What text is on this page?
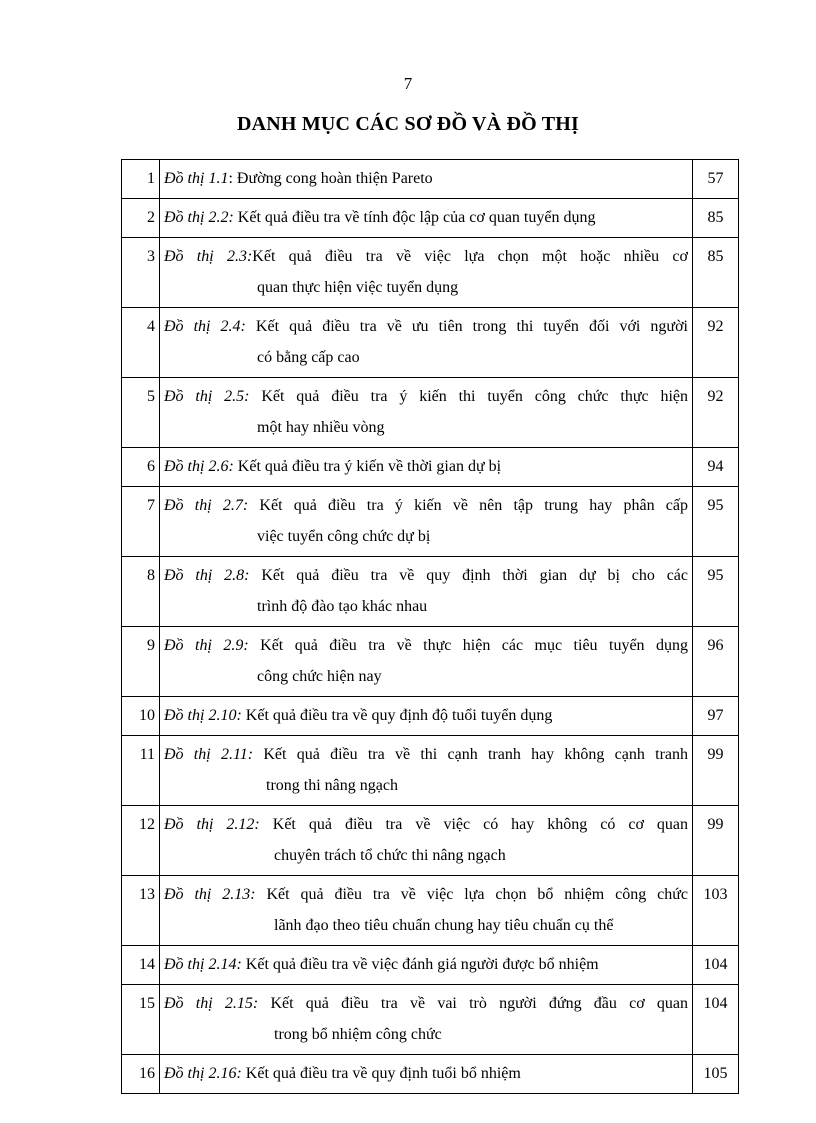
7
DANH MỤC CÁC SƠ ĐỒ VÀ ĐỒ THỊ
1	Đồ thị 1.1: Đường cong hoàn thiện Pareto	57
2	Đồ thị 2.2: Kết quả điều tra về tính độc lập của cơ quan tuyển dụng	85
3	Đồ thị 2.3:Kết quả điều tra về việc lựa chọn một hoặc nhiều cơ
quan thực hiện việc tuyển dụng	85
4	Đồ thị 2.4: Kết quả điều tra về ưu tiên trong thi tuyển đối với người
có bằng cấp cao	92
5	Đồ thị 2.5: Kết quả điều tra ý kiến thi tuyển công chức thực hiện
một hay nhiều vòng	92
6	Đồ thị 2.6: Kết quả điều tra ý kiến về thời gian dự bị	94
7	Đồ thị 2.7: Kết quả điều tra ý kiến về nên tập trung hay phân cấp
việc tuyển công chức dự bị	95
8	Đồ thị 2.8: Kết quả điều tra về quy định thời gian dự bị cho các
trình độ đào tạo khác nhau	95
9	Đồ thị 2.9: Kết quả điều tra về thực hiện các mục tiêu tuyển dụng
công chức hiện nay	96
10	Đồ thị 2.10: Kết quả điều tra về quy định độ tuổi tuyển dụng	97
11	Đồ thị 2.11: Kết quả điều tra về thi cạnh tranh hay không cạnh tranh
trong thi nâng ngạch	99
12	Đồ thị 2.12: Kết quả điều tra về việc có hay không có cơ quan
chuyên trách tổ chức thi nâng ngạch	99
13	Đồ thị 2.13: Kết quả điều tra về việc lựa chọn bổ nhiệm công chức
lãnh đạo theo tiêu chuẩn chung hay tiêu chuẩn cụ thể	103
14	Đồ thị 2.14: Kết quả điều tra về việc đánh giá người được bổ nhiệm	104
15	Đồ thị 2.15: Kết quả điều tra về vai trò người đứng đầu cơ quan
trong bổ nhiệm công chức	104
16	Đồ thị 2.16: Kết quả điều tra về quy định tuổi bổ nhiệm	105
